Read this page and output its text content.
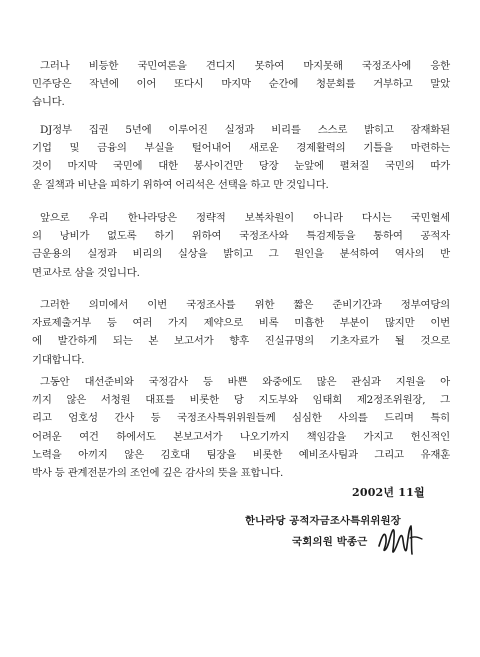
그러나 비등한 국민여론을 견디지 못하여 마지못해 국정조사에 응한
민주당은 작년에 이어 또다시 마지막 순간에 청문회를 거부하고 말았
습니다.
DJ정부 집권 5년에 이루어진 실정과 비리를 스스로 밝히고 잠재화된
기업 및 금융의 부실을 털어내어 새로운 경제활력의 기틀을 마련하는
것이 마지막 국민에 대한 봉사이건만 당장 눈앞에 펼쳐질 국민의 따가
운 질책과 비난을 피하기 위하여 어리석은 선택을 하고 만 것입니다.
앞으로 우리 한나라당은 정략적 보복차원이 아니라 다시는 국민혈세
의 낭비가 없도록 하기 위하여 국정조사와 특검제등을 통하여 공적자
금운용의 실정과 비리의 실상을 밝히고 그 원인을 분석하여 역사의 반
면교사로 삼을 것입니다.
그러한 의미에서 이번 국정조사를 위한 짧은 준비기간과 정부여당의
자료제출거부 등 여러 가지 제약으로 비록 미흡한 부분이 많지만 이번
에 발간하게 되는 본 보고서가 향후 진실규명의 기초자료가 될 것으로
기대합니다.
그동안 대선준비와 국정감사 등 바쁜 와중에도 많은 관심과 지원을 아
끼지 않은 서청원 대표를 비롯한 당 지도부와 임태희 제2정조위원장, 그
리고 엄호성 간사 등 국정조사특위위원들께 심심한 사의를 드리며 특히
어려운 여건 하에서도 본보고서가 나오기까지 책임감을 가지고 헌신적인
노력을 아끼지 않은 김호대 팀장을 비롯한 예비조사팀과 그리고 유재훈
박사 등 관계전문가의 조언에 깊은 감사의 뜻을 표합니다.
2002년 11월
한나라당 공적자금조사특위위원장
국회의원 박종근
